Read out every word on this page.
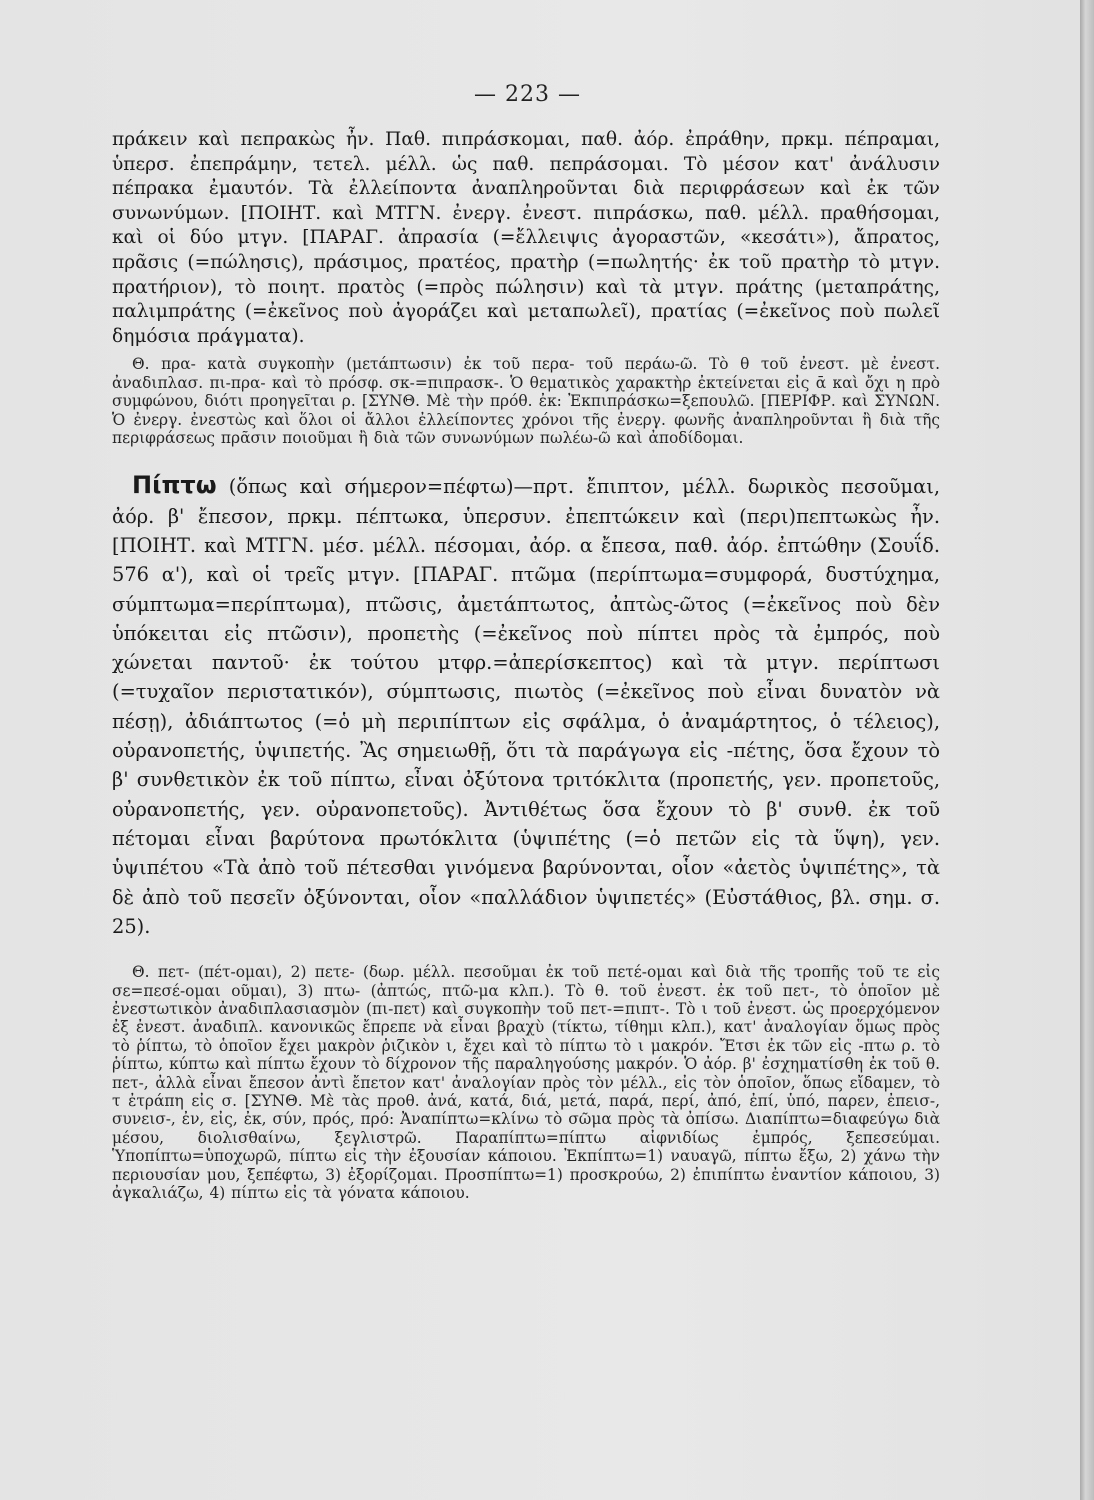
— 223 —

πράκειν καὶ πεπρακὼς ἦν. Παθ. πιπράσκομαι, παθ. ἀόρ. ἐπράθην, πρκμ. πέπραμαι, ὑπερσ. ἐπεπράμην, τετελ. μέλλ. ὡς παθ. πεπράσομαι. Τὸ μέσον κατ' ἀνάλυσιν πέπρακα ἐμαυτόν. Τὰ ἐλλείποντα ἀναπληροῦνται διὰ περιφράσεων καὶ ἐκ τῶν συνωνύμων. [ΠΟΙΗΤ. καὶ ΜΤΓΝ. ἐνεργ. ἐνεστ. πιπράσκω, παθ. μέλλ. πραθήσομαι, καὶ οἱ δύο μτγν. [ΠΑΡΑΓ. ἀπρασία (=ἔλλειψις ἀγοραστῶν, «κεσάτι»), ἄπρατος, πρᾶσις (=πώλησις), πράσιμος, πρατέος, πρατὴρ (=πωλητής· ἐκ τοῦ πρατὴρ τὸ μτγν. πρατήριον), τὸ ποιητ. πρατὸς (=πρὸς πώλησιν) καὶ τὰ μτγν. πράτης (μεταπράτης, παλιμπράτης (=ἐκεῖνος ποὺ ἀγοράζει καὶ μεταπωλεῖ), πρατίας (=ἐκεῖνος ποὺ πωλεῖ δημόσια πράγματα).

Θ. πρα- κατὰ συγκοπὴν (μετάπτωσιν) ἐκ τοῦ περα- τοῦ περάω-ῶ. Τὸ θ τοῦ ἐνεστ. μὲ ἐνεστ. ἀναδιπλασ. πι-πρα- καὶ τὸ πρόσφ. σκ-=πιπρασκ-. Ὁ θεματικὸς χαρακτὴρ ἐκτείνεται εἰς ᾱ καὶ ὄχι η πρὸ συμφώνου, διότι προηγεῖται ρ. [ΣΥΝΘ. Μὲ τὴν πρόθ. ἐκ: Ἐκπιπράσκω=ξεπουλῶ. [ΠΕΡΙΦΡ. καὶ ΣΥΝΩΝ. Ὁ ἐνεργ. ἐνεστὼς καὶ ὅλοι οἱ ἄλλοι ἐλλείποντες χρόνοι τῆς ἐνεργ. φωνῆς ἀναπληροῦνται ἢ διὰ τῆς περιφράσεως πρᾶσιν ποιοῦμαι ἢ διὰ τῶν συνωνύμων πωλέω-ῶ καὶ ἀποδίδομαι.

Πίπτω (ὅπως καὶ σήμερον=πέφτω)—πρτ. ἔπιπτον, μέλλ. δωρικὸς πεσοῦμαι, ἀόρ. β' ἔπεσον, πρκμ. πέπτωκα, ὑπερσυν. ἐπεπτώκειν καὶ (περι)πεπτωκὼς ἦν. [ΠΟΙΗΤ. καὶ ΜΤΓΝ. μέσ. μέλλ. πέσομαι, ἀόρ. α ἔπεσα, παθ. ἀόρ. ἐπτώθην (Σουΐδ. 576 α'), καὶ οἱ τρεῖς μτγν. [ΠΑΡΑΓ. πτῶμα (περίπτωμα=συμφορά, δυστύχημα, σύμπτωμα=περίπτωμα), πτῶσις, ἀμετάπτωτος, ἀπτὼς-ῶτος (=ἐκεῖνος ποὺ δὲν ὑπόκειται εἰς πτῶσιν), προπετὴς (=ἐκεῖνος ποὺ πίπτει πρὸς τὰ ἐμπρός, ποὺ χώνεται παντοῦ· ἐκ τούτου μτφρ.=ἀπερίσκεπτος) καὶ τὰ μτγν. περίπτωσι (=τυχαῖον περιστατικόν), σύμπτωσις, πιωτὸς (=ἐκεῖνος ποὺ εἶναι δυνατὸν νὰ πέσῃ), ἀδιάπτωτος (=ὁ μὴ περιπίπτων εἰς σφάλμα, ὁ ἀναμάρτητος, ὁ τέλειος), οὐρανοπετής, ὑψιπετής. Ἂς σημειωθῇ, ὅτι τὰ παράγωγα εἰς -πέτης, ὅσα ἔχουν τὸ β' συνθετικὸν ἐκ τοῦ πίπτω, εἶναι ὀξύτονα τριτόκλιτα (προπετής, γεν. προπετοῦς, οὐρανοπετής, γεν. οὐρανοπετοῦς). Ἀντιθέτως ὅσα ἔχουν τὸ β' συνθ. ἐκ τοῦ πέτομαι εἶναι βαρύτονα πρωτόκλιτα (ὑψιπέτης (=ὁ πετῶν εἰς τὰ ὕψη), γεν. ὑψιπέτου «Τὰ ἀπὸ τοῦ πέτεσθαι γινόμενα βαρύνονται, οἷον «ἀετὸς ὑψιπέτης», τὰ δὲ ἀπὸ τοῦ πεσεῖν ὀξύνονται, οἷον «παλλάδιον ὑψιπετές» (Εὐστάθιος, βλ. σημ. σ. 25).

Θ. πετ- (πέτ-ομαι), 2) πετε- (δωρ. μέλλ. πεσοῦμαι ἐκ τοῦ πετέ-ομαι καὶ διὰ τῆς τροπῆς τοῦ τε εἰς σε=πεσέ-ομαι οῦμαι), 3) πτω- (ἀπτώς, πτῶ-μα κλπ.). Τὸ θ. τοῦ ἐνεστ. ἐκ τοῦ πετ-, τὸ ὁποῖον μὲ ἐνεστωτικὸν ἀναδιπλασιασμὸν (πι-πετ) καὶ συγκοπὴν τοῦ πετ-=πιπτ-. Τὸ ι τοῦ ἐνεστ. ὡς προερχόμενον ἐξ ἐνεστ. ἀναδιπλ. κανονικῶς ἔπρεπε νὰ εἶναι βραχὺ (τίκτω, τίθημι κλπ.), κατ' ἀναλογίαν ὅμως πρὸς τὸ ῥίπτω, τὸ ὁποῖον ἔχει μακρὸν ῥιζικὸν ι, ἔχει καὶ τὸ πίπτω τὸ ι μακρόν. Ἔτσι ἐκ τῶν εἰς -πτω ρ. τὸ ῥίπτω, κύπτω καὶ πίπτω ἔχουν τὸ δίχρονον τῆς παραληγούσης μακρόν. Ὁ ἀόρ. β' ἐσχηματίσθη ἐκ τοῦ θ. πετ-, ἀλλὰ εἶναι ἔπεσον ἀντὶ ἔπετον κατ' ἀναλογίαν πρὸς τὸν μέλλ., εἰς τὸν ὁποῖον, ὅπως εἴδαμεν, τὸ τ ἐτράπη εἰς σ. [ΣΥΝΘ. Μὲ τὰς προθ. ἀνά, κατά, διά, μετά, παρά, περί, ἀπό, ἐπί, ὑπό, παρεν, ἐπεισ-, συνεισ-, ἐν, εἰς, ἐκ, σύν, πρός, πρό: Ἀναπίπτω=κλίνω τὸ σῶμα πρὸς τὰ ὀπίσω. Διαπίπτω=διαφεύγω διὰ μέσου, διολισθαίνω, ξεγλιστρῶ. Παραπίπτω=πίπτω αἰφνιδίως ἐμπρός, ξεπεσεύμαι. Ὑποπίπτω=ὑποχωρῶ, πίπτω εἰς τὴν ἐξουσίαν κάποιου. Ἐκπίπτω=1) ναυαγῶ, πίπτω ἔξω, 2) χάνω τὴν περιουσίαν μου, ξεπέφτω, 3) ἐξορίζομαι. Προσπίπτω=1) προσκρούω, 2) ἐπιπίπτω ἐναντίον κάποιου, 3) ἀγκαλιάζω, 4) πίπτω εἰς τὰ γόνατα κάποιου.
